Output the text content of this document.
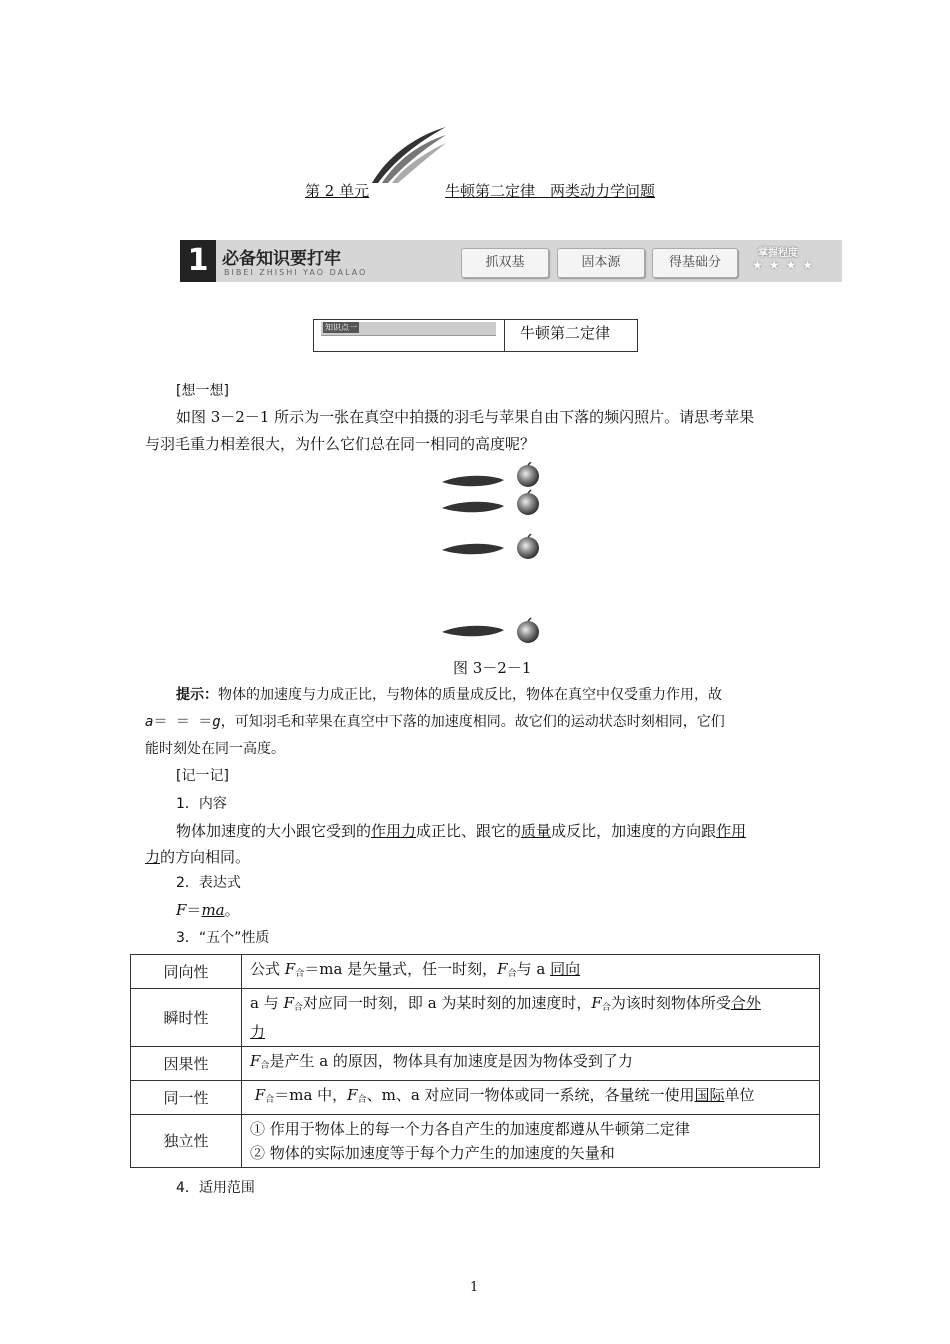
第 2 单元	牛顿第二定律　两类动力学问题
1 必备知识要打牢
BIBEI ZHISHI YAO DALAO
抓双基	固本源	得基础分
掌握程度
★★★★
知识点一	牛顿第二定律
[想一想]
如图 3－2－1 所示为一张在真空中拍摄的羽毛与苹果自由下落的频闪照片。请思考苹果
与羽毛重力相差很大，为什么它们总在同一相同的高度呢？
图 3－2－1
提示：物体的加速度与力成正比，与物体的质量成反比，物体在真空中仅受重力作用，故
a＝ ＝ ＝g，可知羽毛和苹果在真空中下落的加速度相同。故它们的运动状态时刻相同，它们
能时刻处在同一高度。
[记一记]
1．内容
物体加速度的大小跟它受到的作用力成正比、跟它的质量成反比，加速度的方向跟作用
力的方向相同。
2．表达式
F＝ma。
3．“五个”性质
同向性	公式 $F_合=ma$ 是矢量式，任一时刻，$F_合$与 a 同向
瞬时性	a 与 $F_合$对应同一时刻，即 a 为某时刻的加速度时，$F_合$为该时刻物体所受合外
力
因果性	$F_合$是产生 a 的原因，物体具有加速度是因为物体受到了力
同一性	$F_合=ma$ 中，$F_合$、m、a 对应同一物体或同一系统，各量统一使用国际单位
独立性	① 作用于物体上的每一个力各自产生的加速度都遵从牛顿第二定律
② 物体的实际加速度等于每个力产生的加速度的矢量和
4．适用范围
1
